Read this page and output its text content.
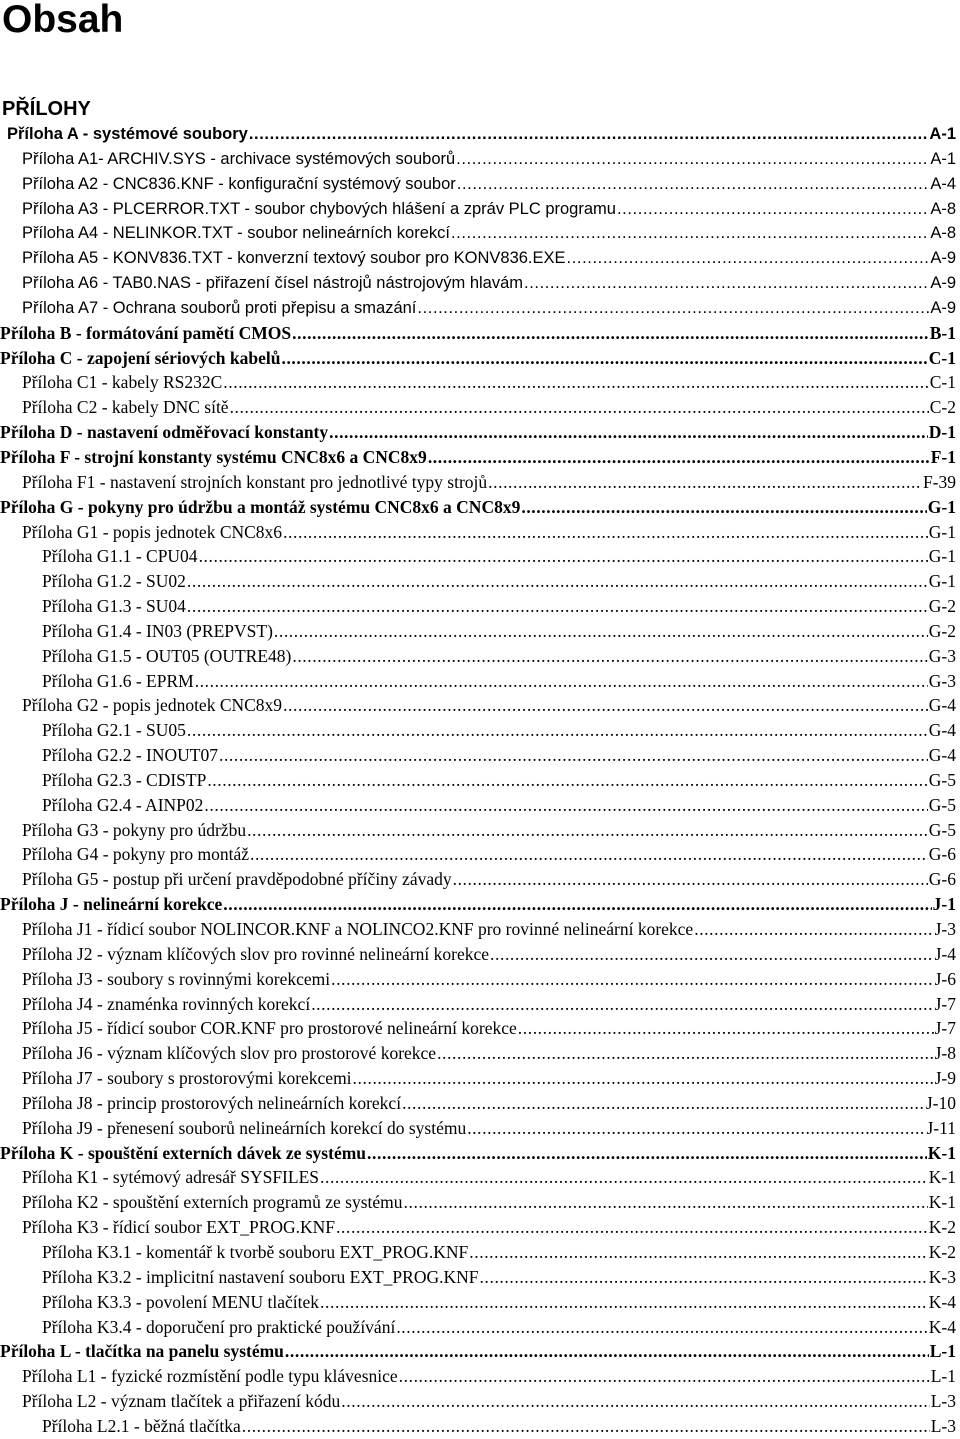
Obsah
PŘÍLOHY
Příloha A - systémové soubory .....	A-1
Příloha A1- ARCHIV.SYS - archivace systémových souborů .....	A-1
Příloha A2 - CNC836.KNF - konfigurační systémový soubor .....	A-4
Příloha A3 - PLCERROR.TXT - soubor chybových hlášení a zpráv PLC programu .....	A-8
Příloha A4 - NELINKOR.TXT - soubor nelineárních korekcí .....	A-8
Příloha A5 - KONV836.TXT - konverzní textový soubor pro KONV836.EXE .....	A-9
Příloha A6 - TAB0.NAS - přiřazení čísel nástrojů nástrojovým hlavám .....	A-9
Příloha A7 - Ochrana souborů proti přepisu a smazání .....	A-9
Příloha B - formátování pamětí CMOS .....	B-1
Příloha C - zapojení sériových kabelů .....	C-1
Příloha C1 - kabely RS232C .....	C-1
Příloha C2 - kabely DNC sítě .....	C-2
Příloha D - nastavení odměřovací konstanty .....	D-1
Příloha F - strojní konstanty systému CNC8x6 a CNC8x9 .....	F-1
Příloha F1 - nastavení strojních konstant pro jednotlivé typy strojů .....	F-39
Příloha G - pokyny pro údržbu a montáž systému CNC8x6 a CNC8x9 .....	G-1
Příloha G1 - popis jednotek CNC8x6 .....	G-1
Příloha G1.1 - CPU04 .....	G-1
Příloha G1.2 - SU02 .....	G-1
Příloha G1.3 - SU04 .....	G-2
Příloha G1.4 - IN03 (PREPVST) .....	G-2
Příloha G1.5 - OUT05 (OUTRE48) .....	G-3
Příloha G1.6 - EPRM .....	G-3
Příloha G2 - popis jednotek CNC8x9 .....	G-4
Příloha G2.1 - SU05 .....	G-4
Příloha G2.2 - INOUT07 .....	G-4
Příloha G2.3 - CDISTP .....	G-5
Příloha G2.4 - AINP02 .....	G-5
Příloha G3 - pokyny pro údržbu .....	G-5
Příloha G4 - pokyny pro montáž .....	G-6
Příloha G5 - postup při určení pravděpodobné příčiny závady .....	G-6
Příloha J - nelineární korekce .....	J-1
Příloha J1 - řídicí soubor NOLINCOR.KNF a NOLINCO2.KNF pro rovinné nelineární korekce .....	J-3
Příloha J2 - význam klíčových slov pro rovinné nelineární korekce .....	J-4
Příloha J3 - soubory s rovinnými korekcemi .....	J-6
Příloha J4 - znaménka rovinných korekcí .....	J-7
Příloha J5 - řídicí soubor COR.KNF pro prostorové nelineární korekce .....	J-7
Příloha J6 - význam klíčových slov pro prostorové korekce .....	J-8
Příloha J7 - soubory s prostorovými korekcemi .....	J-9
Příloha J8 - princip prostorových nelineárních korekcí .....	J-10
Příloha J9 - přenesení souborů nelineárních korekcí do systému .....	J-11
Příloha K - spouštění externích dávek ze systému .....	K-1
Příloha K1 - sytémový adresář SYSFILES .....	K-1
Příloha K2 - spouštění externích programů ze systému .....	K-1
Příloha K3 - řídicí soubor EXT_PROG.KNF .....	K-2
Příloha K3.1 - komentář k tvorbě souboru EXT_PROG.KNF .....	K-2
Příloha K3.2 - implicitní nastavení souboru EXT_PROG.KNF .....	K-3
Příloha K3.3 - povolení MENU tlačítek .....	K-4
Příloha K3.4 - doporučení pro praktické používání .....	K-4
Příloha L - tlačítka na panelu systému .....	L-1
Příloha L1 - fyzické rozmístění podle typu klávesnice .....	L-1
Příloha L2 - význam tlačítek a přiřazení kódu .....	L-3
Příloha L2.1 - běžná tlačítka .....	L-3
